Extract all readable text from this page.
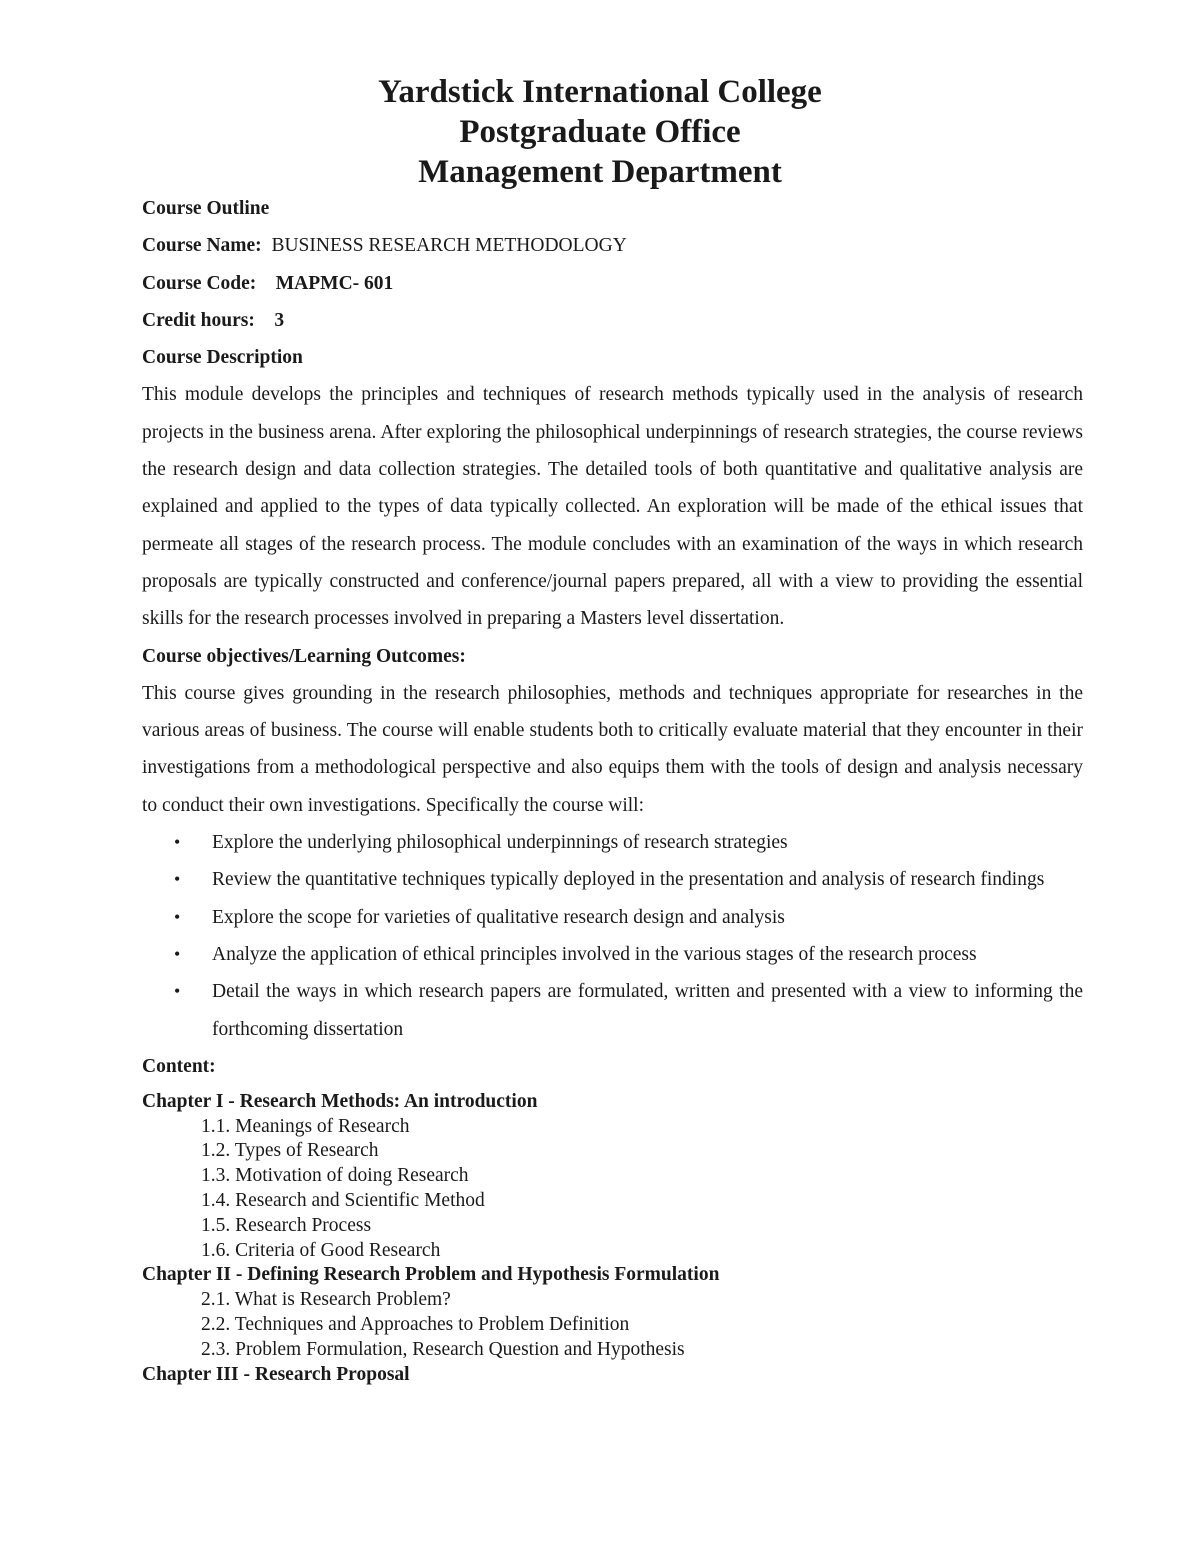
Yardstick International College

Postgraduate Office

Management Department

Course Outline

Course Name: BUSINESS RESEARCH METHODOLOGY

Course Code: MAPMC- 601

Credit hours: 3

Course Description

This module develops the principles and techniques of research methods typically used in the analysis of research projects in the business arena. After exploring the philosophical underpinnings of research strategies, the course reviews the research design and data collection strategies. The detailed tools of both quantitative and qualitative analysis are explained and applied to the types of data typically collected. An exploration will be made of the ethical issues that permeate all stages of the research process. The module concludes with an examination of the ways in which research proposals are typically constructed and conference/journal papers prepared, all with a view to providing the essential skills for the research processes involved in preparing a Masters level dissertation.

Course objectives/Learning Outcomes:

This course gives grounding in the research philosophies, methods and techniques appropriate for researches in the various areas of business. The course will enable students both to critically evaluate material that they encounter in their investigations from a methodological perspective and also equips them with the tools of design and analysis necessary to conduct their own investigations. Specifically the course will:

• Explore the underlying philosophical underpinnings of research strategies
• Review the quantitative techniques typically deployed in the presentation and analysis of research findings
• Explore the scope for varieties of qualitative research design and analysis
• Analyze the application of ethical principles involved in the various stages of the research process
• Detail the ways in which research papers are formulated, written and presented with a view to informing the forthcoming dissertation

Content:

Chapter I - Research Methods: An introduction

1.1. Meanings of Research

1.2. Types of Research

1.3. Motivation of doing Research

1.4. Research and Scientific Method

1.5. Research Process

1.6. Criteria of Good Research

Chapter II - Defining Research Problem and Hypothesis Formulation

2.1. What is Research Problem?

2.2. Techniques and Approaches to Problem Definition

2.3. Problem Formulation, Research Question and Hypothesis

Chapter III - Research Proposal
